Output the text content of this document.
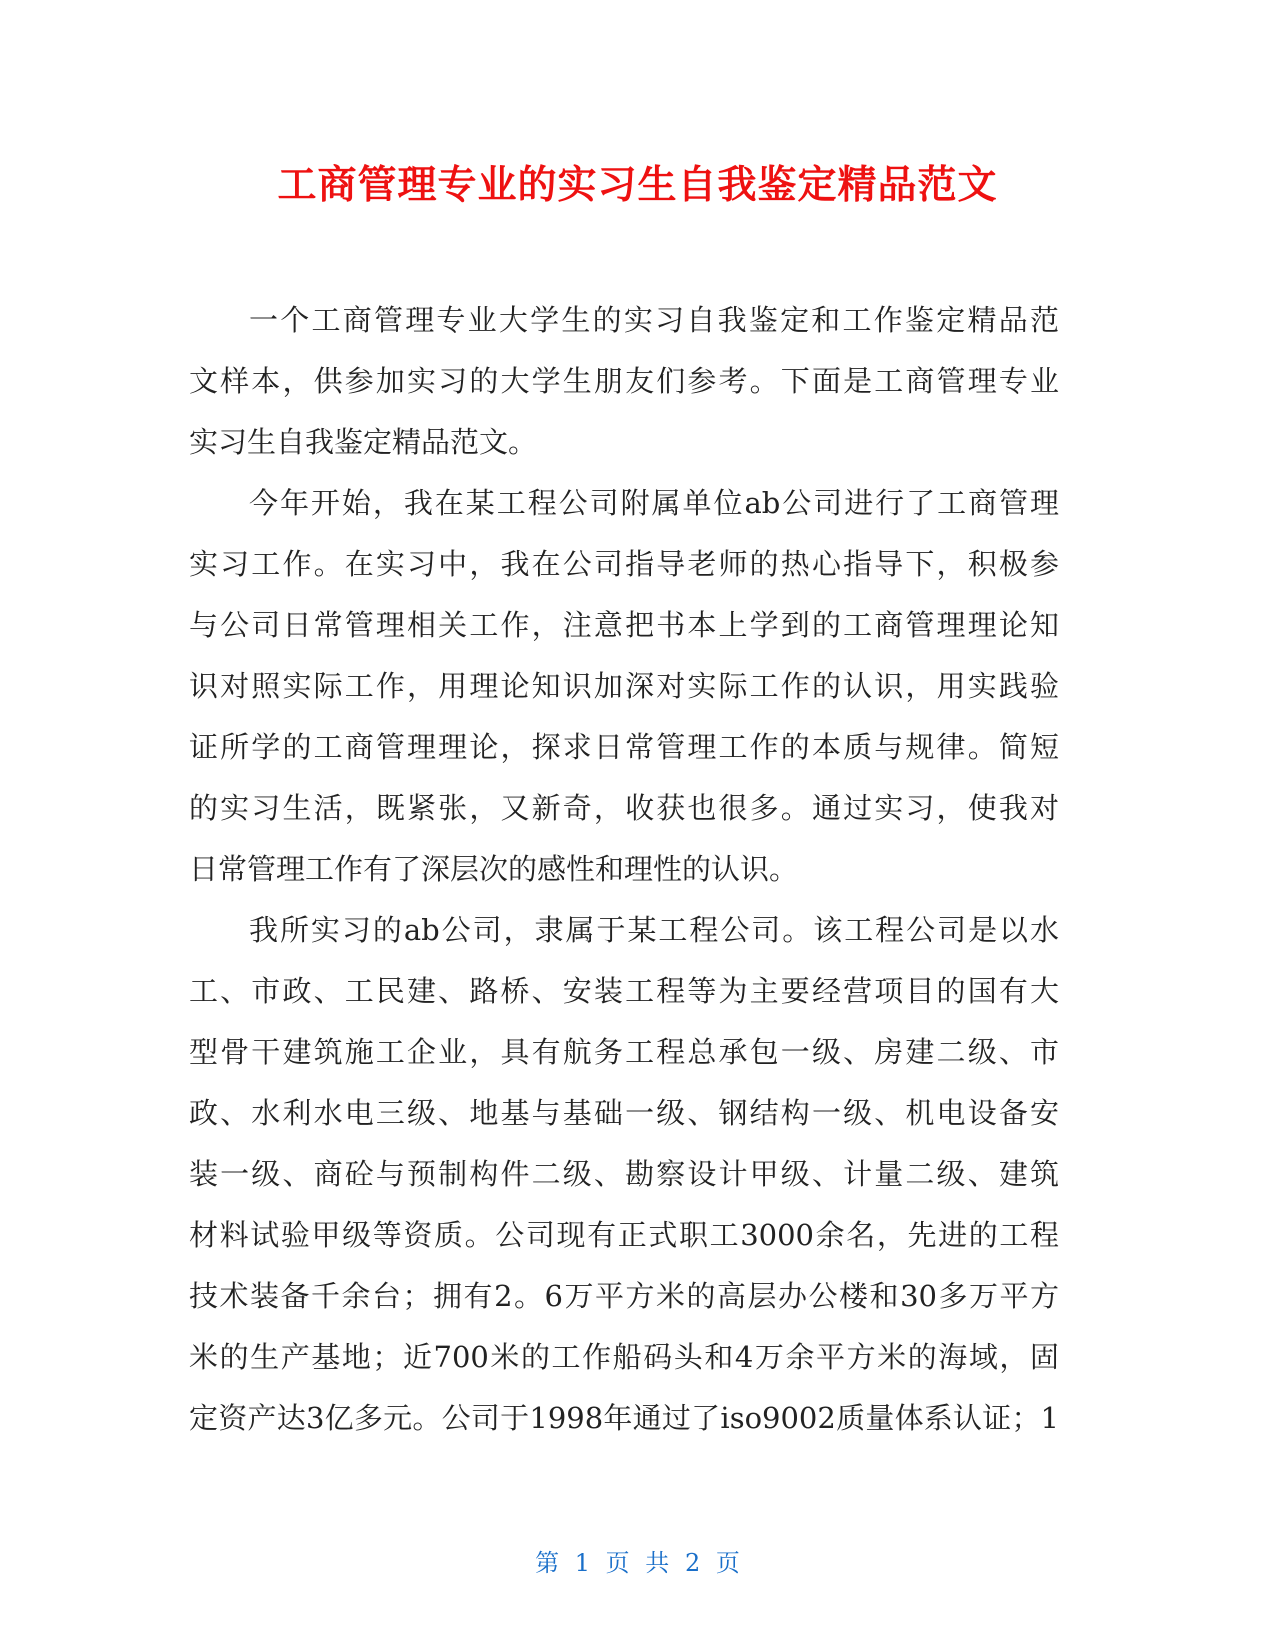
工商管理专业的实习生自我鉴定精品范文
一个工商管理专业大学生的实习自我鉴定和工作鉴定精品范
文样本，供参加实习的大学生朋友们参考。下面是工商管理专业
实习生自我鉴定精品范文。
今年开始，我在某工程公司附属单位ab公司进行了工商管理
实习工作。在实习中，我在公司指导老师的热心指导下，积极参
与公司日常管理相关工作，注意把书本上学到的工商管理理论知
识对照实际工作，用理论知识加深对实际工作的认识，用实践验
证所学的工商管理理论，探求日常管理工作的本质与规律。简短
的实习生活，既紧张，又新奇，收获也很多。通过实习，使我对
日常管理工作有了深层次的感性和理性的认识。
我所实习的ab公司，隶属于某工程公司。该工程公司是以水
工、市政、工民建、路桥、安装工程等为主要经营项目的国有大
型骨干建筑施工企业，具有航务工程总承包一级、房建二级、市
政、水利水电三级、地基与基础一级、钢结构一级、机电设备安
装一级、商砼与预制构件二级、勘察设计甲级、计量二级、建筑
材料试验甲级等资质。公司现有正式职工3000余名，先进的工程
技术装备千余台；拥有2。6万平方米的高层办公楼和30多万平方
米的生产基地；近700米的工作船码头和4万余平方米的海域，固
定资产达3亿多元。公司于1998年通过了iso9002质量体系认证；1
第 1 页 共 2 页
